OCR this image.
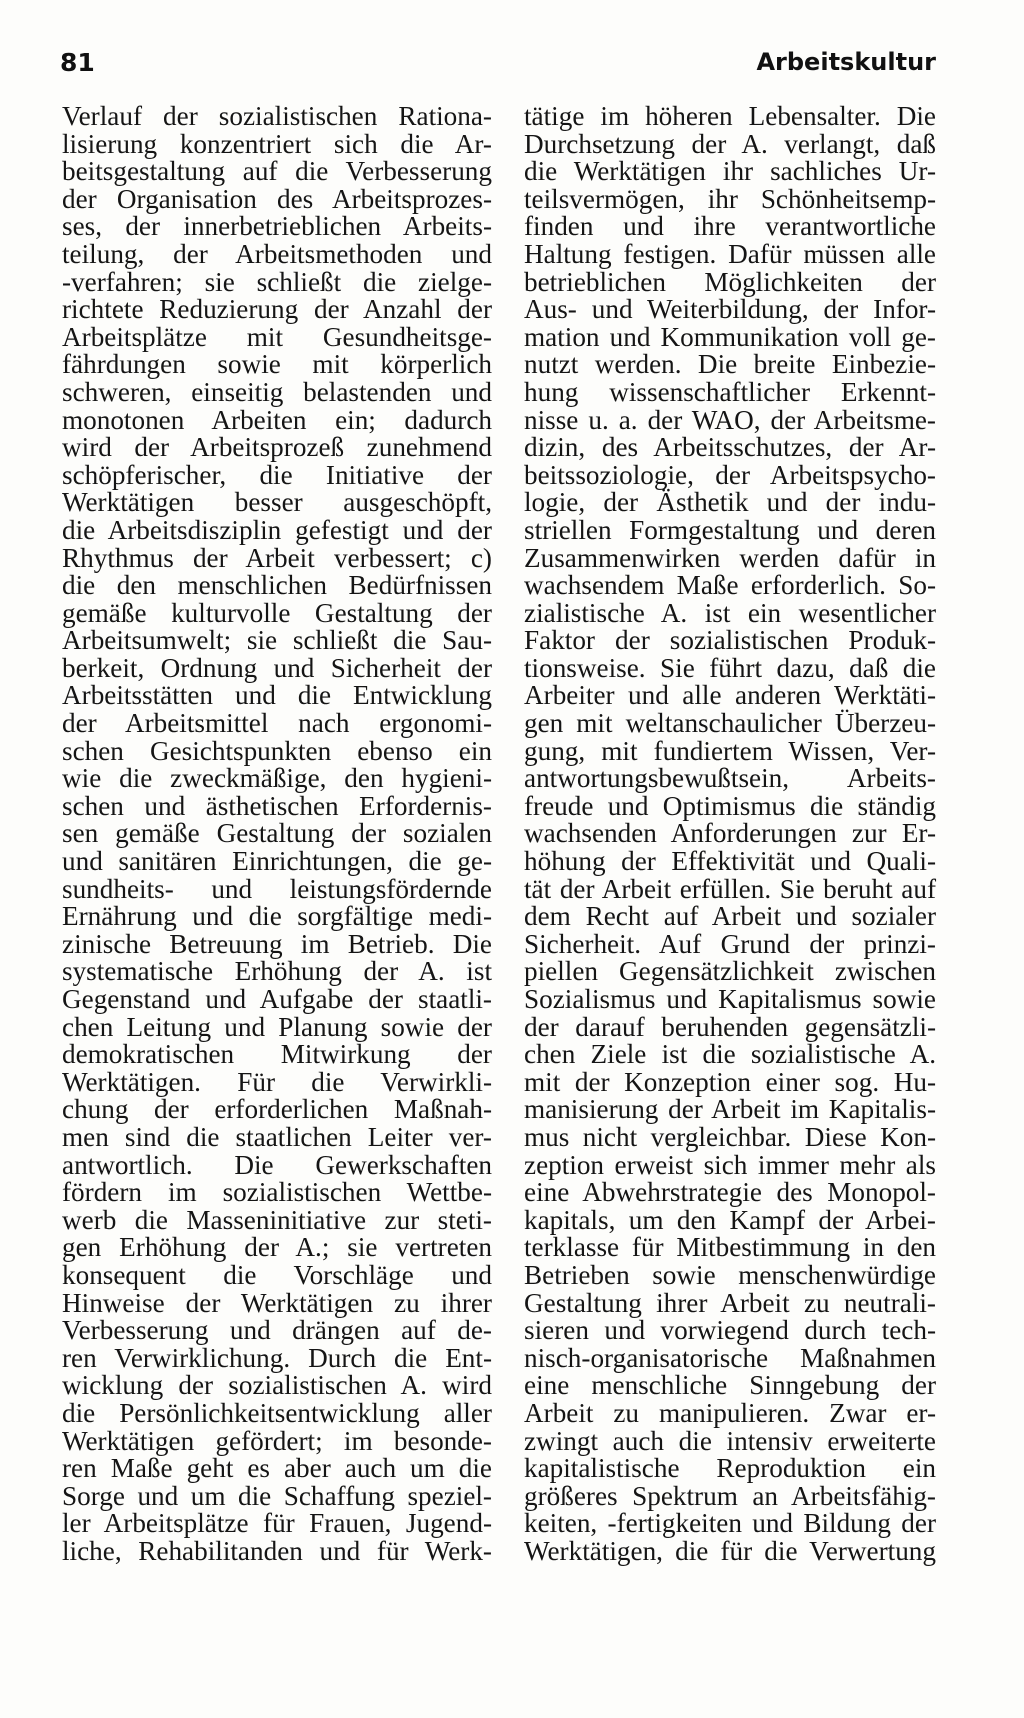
81	Arbeitskultur
Verlauf der sozialistischen Rationa-
lisierung konzentriert sich die Ar-
beitsgestaltung auf die Verbesserung
der Organisation des Arbeitsprozes-
ses, der innerbetrieblichen Arbeits-
teilung, der Arbeitsmethoden und
-verfahren; sie schließt die zielge-
richtete Reduzierung der Anzahl der
Arbeitsplätze mit Gesundheitsge-
fährdungen sowie mit körperlich
schweren, einseitig belastenden und
monotonen Arbeiten ein; dadurch
wird der Arbeitsprozeß zunehmend
schöpferischer, die Initiative der
Werktätigen besser ausgeschöpft,
die Arbeitsdisziplin gefestigt und der
Rhythmus der Arbeit verbessert; c)
die den menschlichen Bedürfnissen
gemäße kulturvolle Gestaltung der
Arbeitsumwelt; sie schließt die Sau-
berkeit, Ordnung und Sicherheit der
Arbeitsstätten und die Entwicklung
der Arbeitsmittel nach ergonomi-
schen Gesichtspunkten ebenso ein
wie die zweckmäßige, den hygieni-
schen und ästhetischen Erfordernis-
sen gemäße Gestaltung der sozialen
und sanitären Einrichtungen, die ge-
sundheits- und leistungsfördernde
Ernährung und die sorgfältige medi-
zinische Betreuung im Betrieb. Die
systematische Erhöhung der A. ist
Gegenstand und Aufgabe der staatli-
chen Leitung und Planung sowie der
demokratischen Mitwirkung der
Werktätigen. Für die Verwirkli-
chung der erforderlichen Maßnah-
men sind die staatlichen Leiter ver-
antwortlich. Die Gewerkschaften
fördern im sozialistischen Wettbe-
werb die Masseninitiative zur steti-
gen Erhöhung der A.; sie vertreten
konsequent die Vorschläge und
Hinweise der Werktätigen zu ihrer
Verbesserung und drängen auf de-
ren Verwirklichung. Durch die Ent-
wicklung der sozialistischen A. wird
die Persönlichkeitsentwicklung aller
Werktätigen gefördert; im besonde-
ren Maße geht es aber auch um die
Sorge und um die Schaffung speziel-
ler Arbeitsplätze für Frauen, Jugend-
liche, Rehabilitanden und für Werk-
tätige im höheren Lebensalter. Die
Durchsetzung der A. verlangt, daß
die Werktätigen ihr sachliches Ur-
teilsvermögen, ihr Schönheitsemp-
finden und ihre verantwortliche
Haltung festigen. Dafür müssen alle
betrieblichen Möglichkeiten der
Aus- und Weiterbildung, der Infor-
mation und Kommunikation voll ge-
nutzt werden. Die breite Einbezie-
hung wissenschaftlicher Erkennt-
nisse u. a. der WAO, der Arbeitsme-
dizin, des Arbeitsschutzes, der Ar-
beitssoziologie, der Arbeitspsycho-
logie, der Ästhetik und der indu-
striellen Formgestaltung und deren
Zusammenwirken werden dafür in
wachsendem Maße erforderlich. So-
zialistische A. ist ein wesentlicher
Faktor der sozialistischen Produk-
tionsweise. Sie führt dazu, daß die
Arbeiter und alle anderen Werktäti-
gen mit weltanschaulicher Überzeu-
gung, mit fundiertem Wissen, Ver-
antwortungsbewußtsein, Arbeits-
freude und Optimismus die ständig
wachsenden Anforderungen zur Er-
höhung der Effektivität und Quali-
tät der Arbeit erfüllen. Sie beruht auf
dem Recht auf Arbeit und sozialer
Sicherheit. Auf Grund der prinzi-
piellen Gegensätzlichkeit zwischen
Sozialismus und Kapitalismus sowie
der darauf beruhenden gegensätzli-
chen Ziele ist die sozialistische A.
mit der Konzeption einer sog. Hu-
manisierung der Arbeit im Kapitalis-
mus nicht vergleichbar. Diese Kon-
zeption erweist sich immer mehr als
eine Abwehrstrategie des Monopol-
kapitals, um den Kampf der Arbei-
terklasse für Mitbestimmung in den
Betrieben sowie menschenwürdige
Gestaltung ihrer Arbeit zu neutrali-
sieren und vorwiegend durch tech-
nisch-organisatorische Maßnahmen
eine menschliche Sinngebung der
Arbeit zu manipulieren. Zwar er-
zwingt auch die intensiv erweiterte
kapitalistische Reproduktion ein
größeres Spektrum an Arbeitsfähig-
keiten, -fertigkeiten und Bildung der
Werktätigen, die für die Verwertung
